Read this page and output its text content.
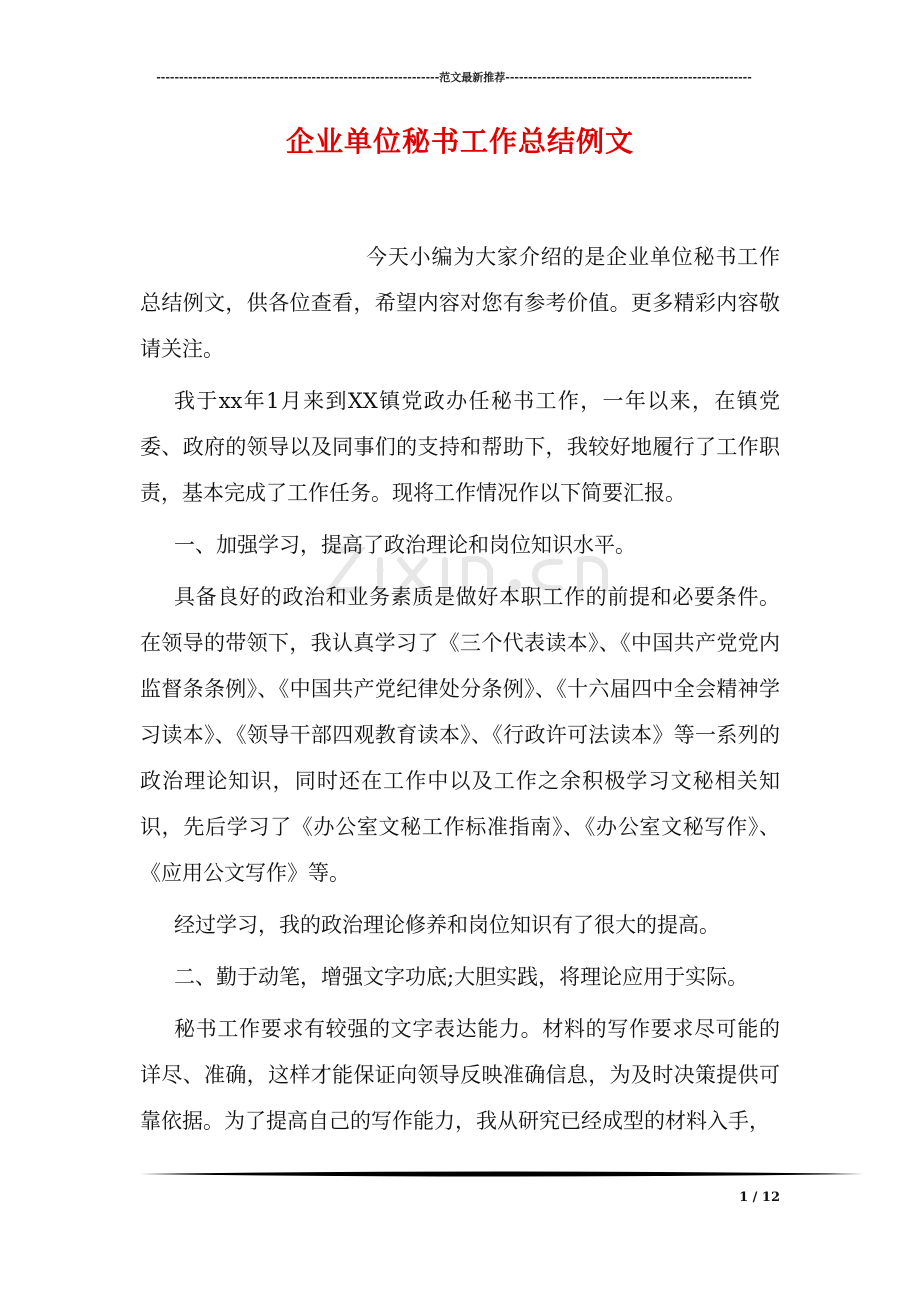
--------------------------------------------------------------范文最新推荐------------------------------------------------------
企业单位秘书工作总结例文

今天小编为大家介绍的是企业单位秘书工作总结例文，供各位查看，希望内容对您有参考价值。更多精彩内容敬请关注。

我于xx年1月来到XX镇党政办任秘书工作，一年以来，在镇党委、政府的领导以及同事们的支持和帮助下，我较好地履行了工作职责，基本完成了工作任务。现将工作情况作以下简要汇报。

一、加强学习，提高了政治理论和岗位知识水平。

具备良好的政治和业务素质是做好本职工作的前提和必要条件。在领导的带领下，我认真学习了《三个代表读本》、《中国共产党党内监督条条例》、《中国共产党纪律处分条例》、《十六届四中全会精神学习读本》、《领导干部四观教育读本》、《行政许可法读本》等一系列的政治理论知识，同时还在工作中以及工作之余积极学习文秘相关知识，先后学习了《办公室文秘工作标准指南》、《办公室文秘写作》、《应用公文写作》等。

经过学习，我的政治理论修养和岗位知识有了很大的提高。

二、勤于动笔，增强文字功底;大胆实践，将理论应用于实际。

秘书工作要求有较强的文字表达能力。材料的写作要求尽可能的详尽、准确，这样才能保证向领导反映准确信息，为及时决策提供可靠依据。为了提高自己的写作能力，我从研究已经成型的材料入手，

1 / 12
